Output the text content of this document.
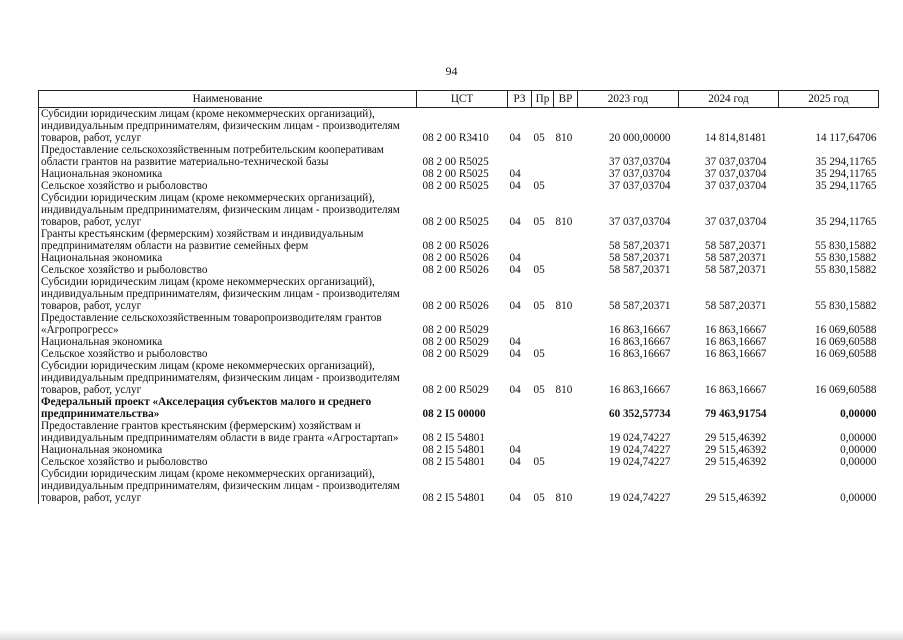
94
Наименование	ЦСТ	РЗ	Пр	ВР	2023 год	2024 год	2025 год
Субсидии юридическим лицам (кроме некоммерческих организаций), индивидуальным предпринимателям, физическим лицам - производителям товаров, работ, услуг	08 2 00 R3410	04	05	810	20 000,00000	14 814,81481	14 117,64706
Предоставление сельскохозяйственным потребительским кооперативам области грантов на развитие материально-технической базы	08 2 00 R5025				37 037,03704	37 037,03704	35 294,11765
Национальная экономика	08 2 00 R5025	04			37 037,03704	37 037,03704	35 294,11765
Сельское хозяйство и рыболовство	08 2 00 R5025	04	05		37 037,03704	37 037,03704	35 294,11765
Субсидии юридическим лицам (кроме некоммерческих организаций), индивидуальным предпринимателям, физическим лицам - производителям товаров, работ, услуг	08 2 00 R5025	04	05	810	37 037,03704	37 037,03704	35 294,11765
Гранты крестьянским (фермерским) хозяйствам и индивидуальным предпринимателям области на развитие семейных ферм	08 2 00 R5026				58 587,20371	58 587,20371	55 830,15882
Национальная экономика	08 2 00 R5026	04			58 587,20371	58 587,20371	55 830,15882
Сельское хозяйство и рыболовство	08 2 00 R5026	04	05		58 587,20371	58 587,20371	55 830,15882
Субсидии юридическим лицам (кроме некоммерческих организаций), индивидуальным предпринимателям, физическим лицам - производителям товаров, работ, услуг	08 2 00 R5026	04	05	810	58 587,20371	58 587,20371	55 830,15882
Предоставление сельскохозяйственным товаропроизводителям грантов «Агропрогресс»	08 2 00 R5029				16 863,16667	16 863,16667	16 069,60588
Национальная экономика	08 2 00 R5029	04			16 863,16667	16 863,16667	16 069,60588
Сельское хозяйство и рыболовство	08 2 00 R5029	04	05		16 863,16667	16 863,16667	16 069,60588
Субсидии юридическим лицам (кроме некоммерческих организаций), индивидуальным предпринимателям, физическим лицам - производителям товаров, работ, услуг	08 2 00 R5029	04	05	810	16 863,16667	16 863,16667	16 069,60588
Федеральный проект «Акселерация субъектов малого и среднего предпринимательства»	08 2 I5 00000				60 352,57734	79 463,91754	0,00000
Предоставление грантов крестьянским (фермерским) хозяйствам и индивидуальным предпринимателям области в виде гранта «Агростартап»	08 2 I5 54801				19 024,74227	29 515,46392	0,00000
Национальная экономика	08 2 I5 54801	04			19 024,74227	29 515,46392	0,00000
Сельское хозяйство и рыболовство	08 2 I5 54801	04	05		19 024,74227	29 515,46392	0,00000
Субсидии юридическим лицам (кроме некоммерческих организаций), индивидуальным предпринимателям, физическим лицам - производителям товаров, работ, услуг	08 2 I5 54801	04	05	810	19 024,74227	29 515,46392	0,00000
